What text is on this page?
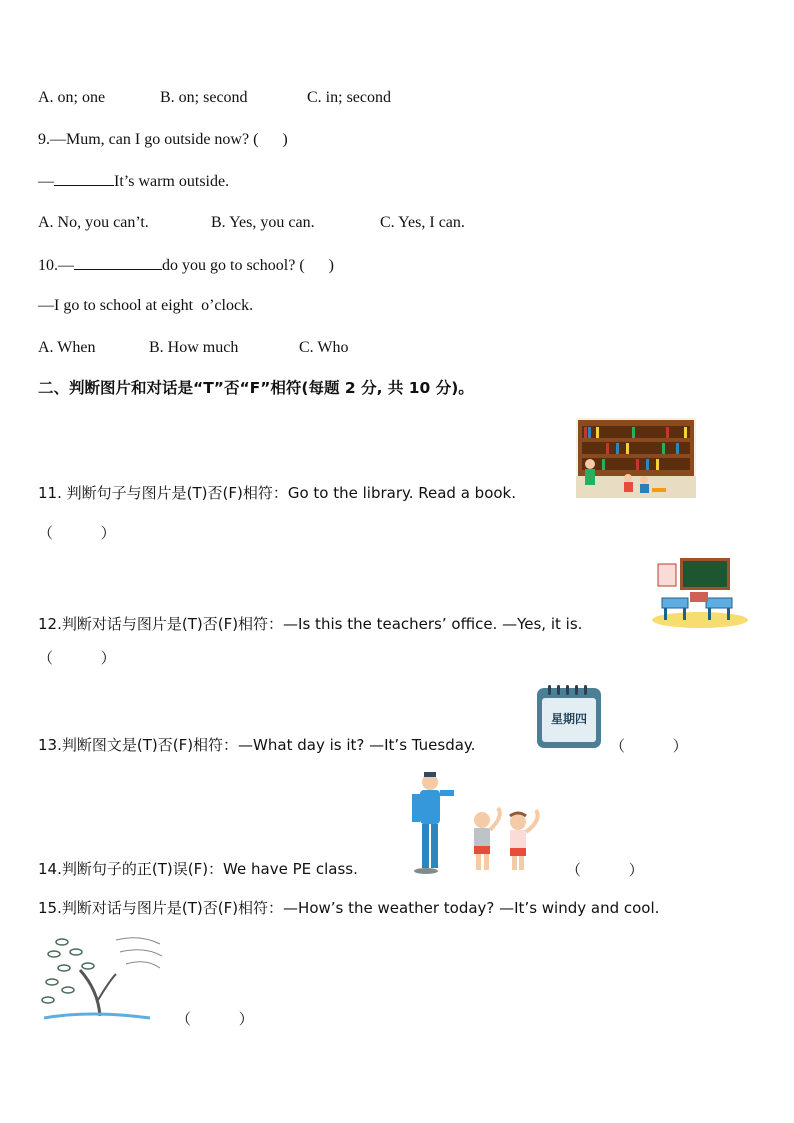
A. on; one	B. on; second	C. in; second
9.—Mum, can I go outside now? (      )
—	It’s warm outside.
A. No, you can’t.	B. Yes, you can.	C. Yes, I can.
10.—	do you go to school? (      )
—I go to school at eight  o’clock.
A. When	B. How much	C. Who
二、判断图片和对话是“T”否“F”相符(每题 2 分, 共 10 分)。
11. 判断句子与图片是(T)否(F)相符：Go to the library. Read a book.
（          ）
12.判断对话与图片是(T)否(F)相符：—Is this the teachers’ office. —Yes, it is.
（          ）
星期四
13.判断图文是(T)否(F)相符：—What day is it? —It’s Tuesday.	（          ）
14.判断句子的正(T)误(F)：We have PE class.	（          ）
15.判断对话与图片是(T)否(F)相符：—How’s the weather today? —It’s windy and cool.
（          ）
